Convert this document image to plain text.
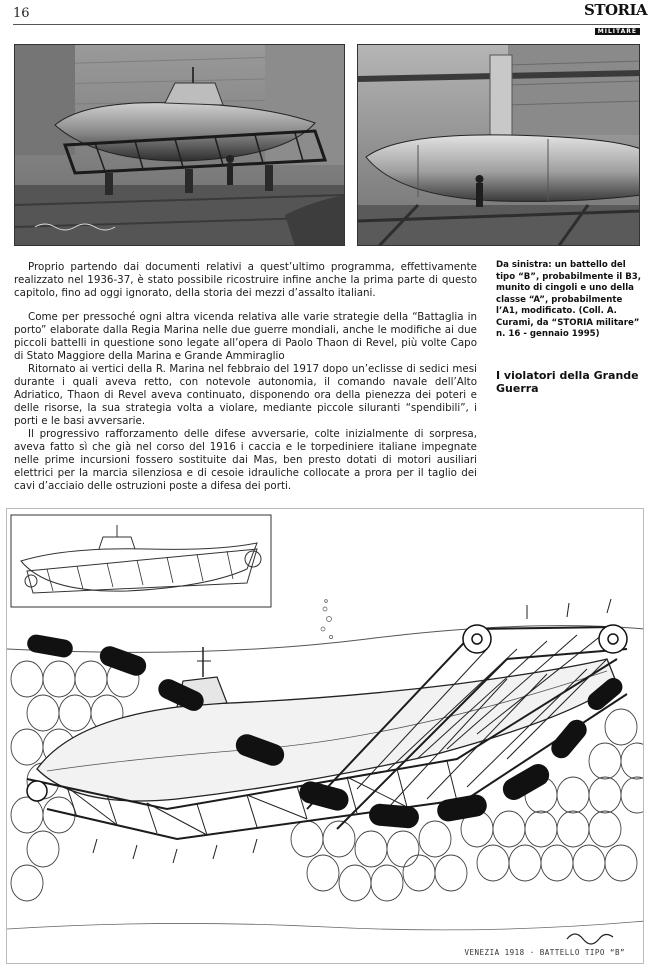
16	STORIA
MILITARE

Proprio partendo dai documenti relativi a quest’ultimo programma, effettivamente realizzato nel 1936-37, è stato possibile ricostruire infine anche la prima parte di questo capitolo, fino ad oggi ignorato, della storia dei mezzi d’assalto italiani.

Come per pressoché ogni altra vicenda relativa alle varie strategie della “Battaglia in porto” elaborate dalla Regia Marina nelle due guerre mondiali, anche le modifiche ai due piccoli battelli in questione sono legate all’opera di Paolo Thaon di Revel, più volte Capo di Stato Maggiore della Marina e Grande Ammiraglio

Ritornato ai vertici della R. Marina nel febbraio del 1917 dopo un’eclisse di sedici mesi durante i quali aveva retto, con notevole autonomia, il comando navale dell’Alto Adriatico, Thaon di Revel aveva continuato, disponendo ora della pienezza dei poteri e delle risorse, la sua strategia volta a violare, mediante piccole siluranti “spendibili”, i porti e le basi avversarie.

Il progressivo rafforzamento delle difese avversarie, colte inizialmente di sorpresa, aveva fatto sì che già nel corso del 1916 i caccia e le torpediniere italiane impegnate nelle prime incursioni fossero sostituite dai Mas, ben presto dotati di motori ausiliari elettrici per la marcia silenziosa e di cesoie idrauliche collocate a prora per il taglio dei cavi d’acciaio delle ostruzioni poste a difesa dei porti.

Da sinistra: un battello del tipo “B”, probabilmente il B3, munito di cingoli e uno della classe “A”, probabilmente l’A1, modificato. (Coll. A. Curami, da “STORIA militare” n. 16 - gennaio 1995)
I violatori della Grande Guerra
VENEZIA 1918 · BATTELLO TIPO “B”
